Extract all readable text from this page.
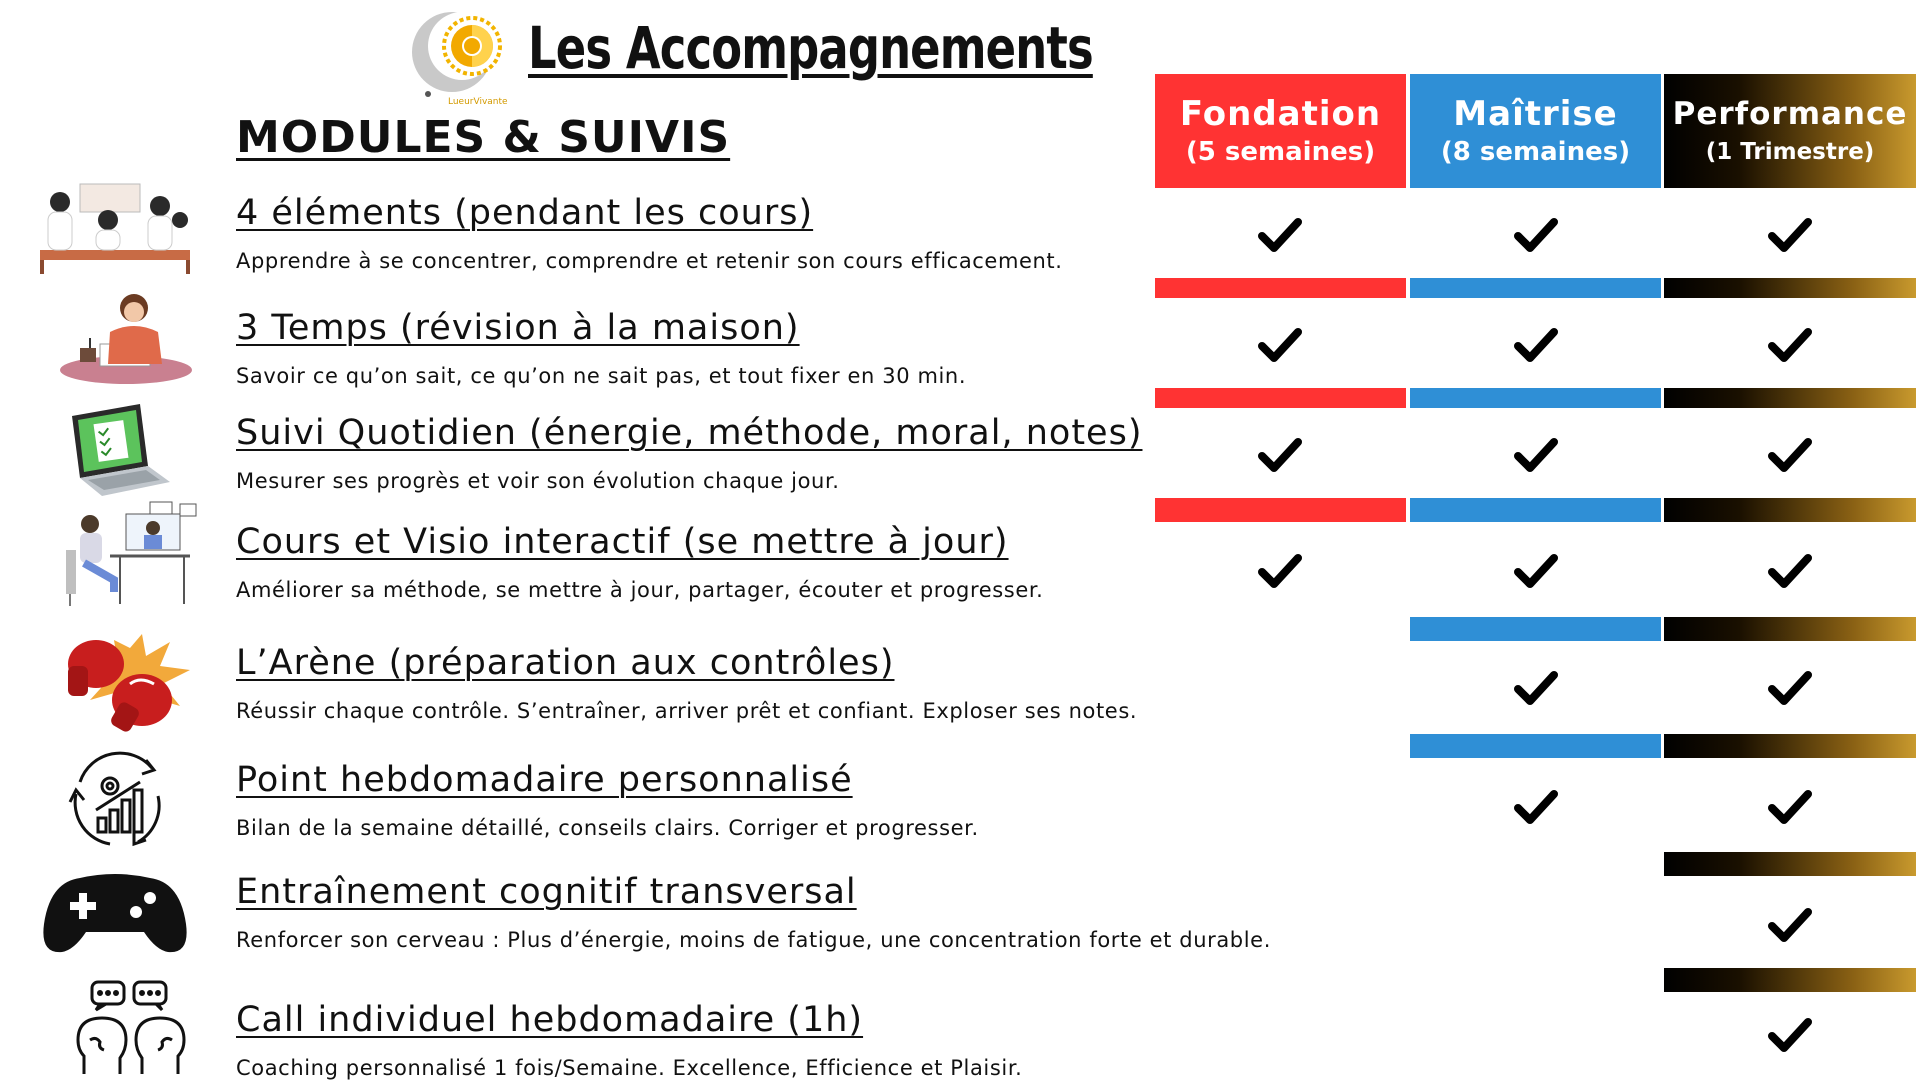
LueurVivante
Les Accompagnements
MODULES & SUIVIS	Fondation
(5 semaines)
Maîtrise
(8 semaines)
Performance
(1 Trimestre)
4 éléments (pendant les cours)

Apprendre à se concentrer, comprendre et retenir son cours efficacement.

3 Temps (révision à la maison)

Savoir ce qu’on sait, ce qu’on ne sait pas, et tout fixer en 30 min.

Suivi Quotidien (énergie, méthode, moral, notes)

Mesurer ses progrès et voir son évolution chaque jour.

Cours et Visio interactif (se mettre à jour)

Améliorer sa méthode, se mettre à jour, partager, écouter et progresser.

L’Arène (préparation aux contrôles)

Réussir chaque contrôle. S’entraîner, arriver prêt et confiant. Exploser ses notes.

Point hebdomadaire personnalisé

Bilan de la semaine détaillé, conseils clairs. Corriger et progresser.

Entraînement cognitif transversal

Renforcer son cerveau : Plus d’énergie, moins de fatigue, une concentration forte et durable.

Call individuel hebdomadaire (1h)

Coaching personnalisé 1 fois/Semaine. Excellence, Efficience et Plaisir.
